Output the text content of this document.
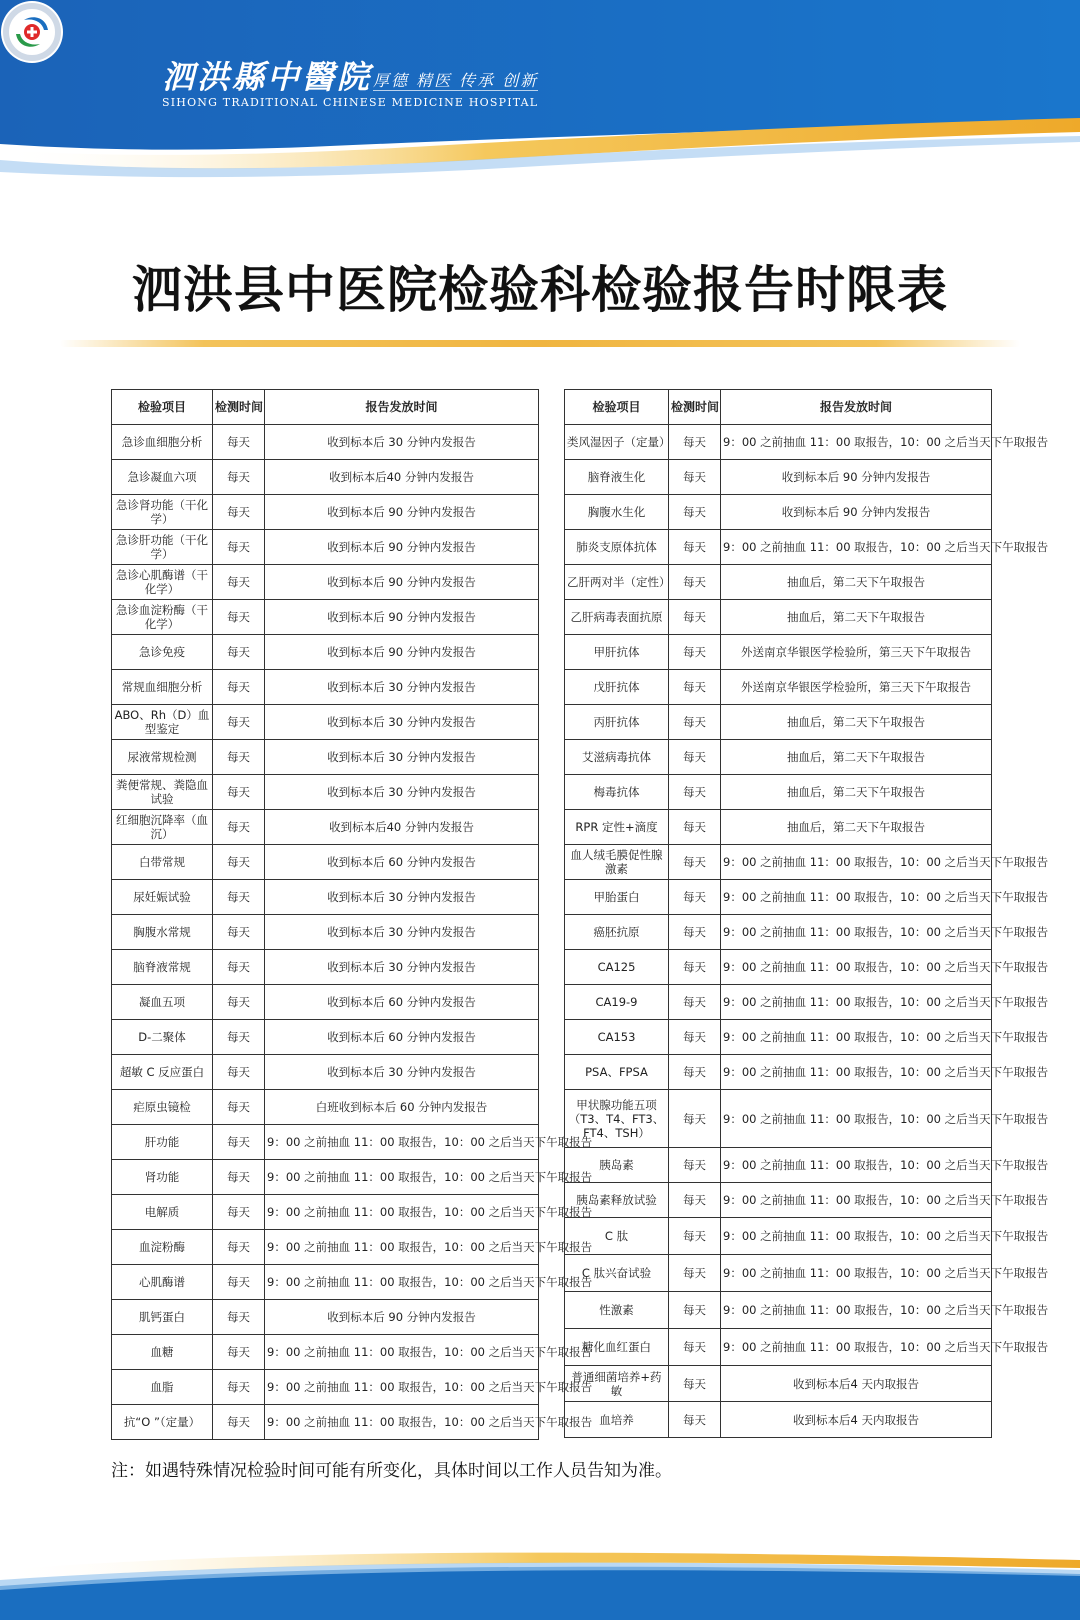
泗洪縣中醫院 厚德 精医 传承 创新
SIHONG TRADITIONAL CHINESE MEDICINE HOSPITAL
泗洪县中医院检验科检验报告时限表
检验项目	检测时间	报告发放时间
急诊血细胞分析	每天	收到标本后 30 分钟内发报告
急诊凝血六项	每天	收到标本后40 分钟内发报告
急诊肾功能（干化学）	每天	收到标本后 90 分钟内发报告
急诊肝功能（干化学）	每天	收到标本后 90 分钟内发报告
急诊心肌酶谱（干化学）	每天	收到标本后 90 分钟内发报告
急诊血淀粉酶（干化学）	每天	收到标本后 90 分钟内发报告
急诊免疫	每天	收到标本后 90 分钟内发报告
常规血细胞分析	每天	收到标本后 30 分钟内发报告
ABO、Rh（D）血型鉴定	每天	收到标本后 30 分钟内发报告
尿液常规检测	每天	收到标本后 30 分钟内发报告
粪便常规、粪隐血试验	每天	收到标本后 30 分钟内发报告
红细胞沉降率（血沉）	每天	收到标本后40 分钟内发报告
白带常规	每天	收到标本后 60 分钟内发报告
尿妊娠试验	每天	收到标本后 30 分钟内发报告
胸腹水常规	每天	收到标本后 30 分钟内发报告
脑脊液常规	每天	收到标本后 30 分钟内发报告
凝血五项	每天	收到标本后 60 分钟内发报告
D-二聚体	每天	收到标本后 60 分钟内发报告
超敏 C 反应蛋白	每天	收到标本后 30 分钟内发报告
疟原虫镜检	每天	白班收到标本后 60 分钟内发报告
肝功能	每天	9：00 之前抽血 11：00 取报告，10：00 之后当天下午取报告
肾功能	每天	9：00 之前抽血 11：00 取报告，10：00 之后当天下午取报告
电解质	每天	9：00 之前抽血 11：00 取报告，10：00 之后当天下午取报告
血淀粉酶	每天	9：00 之前抽血 11：00 取报告，10：00 之后当天下午取报告
心肌酶谱	每天	9：00 之前抽血 11：00 取报告，10：00 之后当天下午取报告
肌钙蛋白	每天	收到标本后 90 分钟内发报告
血糖	每天	9：00 之前抽血 11：00 取报告，10：00 之后当天下午取报告
血脂	每天	9：00 之前抽血 11：00 取报告，10：00 之后当天下午取报告
抗“O ”（定量）	每天	9：00 之前抽血 11：00 取报告，10：00 之后当天下午取报告
检验项目	检测时间	报告发放时间
类风湿因子（定量）	每天	9：00 之前抽血 11：00 取报告，10：00 之后当天下午取报告
脑脊液生化	每天	收到标本后 90 分钟内发报告
胸腹水生化	每天	收到标本后 90 分钟内发报告
肺炎支原体抗体	每天	9：00 之前抽血 11：00 取报告，10：00 之后当天下午取报告
乙肝两对半（定性）	每天	抽血后，第二天下午取报告
乙肝病毒表面抗原	每天	抽血后，第二天下午取报告
甲肝抗体	每天	外送南京华银医学检验所，第三天下午取报告
戊肝抗体	每天	外送南京华银医学检验所，第三天下午取报告
丙肝抗体	每天	抽血后，第二天下午取报告
艾滋病毒抗体	每天	抽血后，第二天下午取报告
梅毒抗体	每天	抽血后，第二天下午取报告
RPR 定性+滴度	每天	抽血后，第二天下午取报告
血人绒毛膜促性腺激素	每天	9：00 之前抽血 11：00 取报告，10：00 之后当天下午取报告
甲胎蛋白	每天	9：00 之前抽血 11：00 取报告，10：00 之后当天下午取报告
癌胚抗原	每天	9：00 之前抽血 11：00 取报告，10：00 之后当天下午取报告
CA125	每天	9：00 之前抽血 11：00 取报告，10：00 之后当天下午取报告
CA19-9	每天	9：00 之前抽血 11：00 取报告，10：00 之后当天下午取报告
CA153	每天	9：00 之前抽血 11：00 取报告，10：00 之后当天下午取报告
PSA、FPSA	每天	9：00 之前抽血 11：00 取报告，10：00 之后当天下午取报告
甲状腺功能五项（T3、T4、FT3、FT4、TSH）	每天	9：00 之前抽血 11：00 取报告，10：00 之后当天下午取报告
胰岛素	每天	9：00 之前抽血 11：00 取报告，10：00 之后当天下午取报告
胰岛素释放试验	每天	9：00 之前抽血 11：00 取报告，10：00 之后当天下午取报告
C 肽	每天	9：00 之前抽血 11：00 取报告，10：00 之后当天下午取报告
C 肽兴奋试验	每天	9：00 之前抽血 11：00 取报告，10：00 之后当天下午取报告
性激素	每天	9：00 之前抽血 11：00 取报告，10：00 之后当天下午取报告
糖化血红蛋白	每天	9：00 之前抽血 11：00 取报告，10：00 之后当天下午取报告
普通细菌培养+药敏	每天	收到标本后4 天内取报告
血培养	每天	收到标本后4 天内取报告
注：如遇特殊情况检验时间可能有所变化，具体时间以工作人员告知为准。
